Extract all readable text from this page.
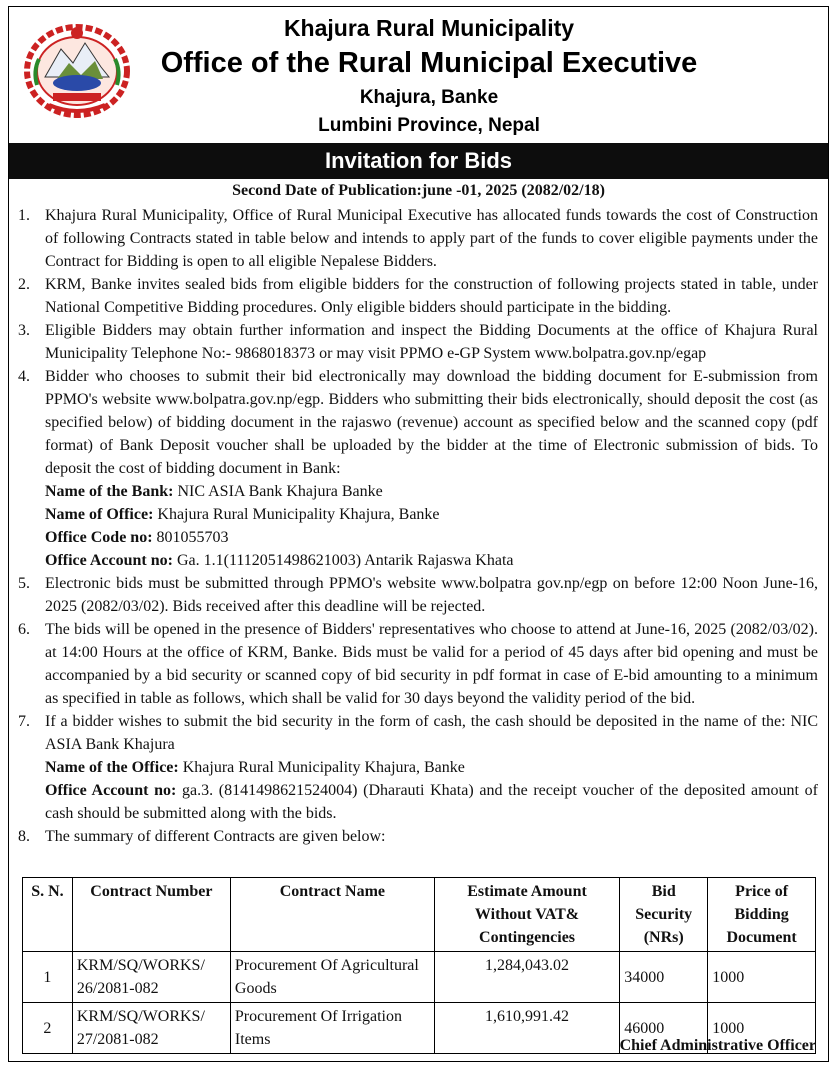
Khajura Rural Municipality
Office of the Rural Municipal Executive
Khajura, Banke
Lumbini Province, Nepal
Invitation for Bids
Second Date of Publication:june -01, 2025 (2082/02/18)
1. Khajura Rural Municipality, Office of Rural Municipal Executive has allocated funds towards the cost of Construction of following Contracts stated in table below and intends to apply part of the funds to cover eligible payments under the Contract for Bidding is open to all eligible Nepalese Bidders.

2. KRM, Banke invites sealed bids from eligible bidders for the construction of following projects stated in table, under National Competitive Bidding procedures. Only eligible bidders should participate in the bidding.

3. Eligible Bidders may obtain further information and inspect the Bidding Documents at the office of Khajura Rural Municipality Telephone No:- 9868018373 or may visit PPMO e-GP System www.bolpatra.gov.np/egap

4. Bidder who chooses to submit their bid electronically may download the bidding document for E-submission from PPMO's website www.bolpatra.gov.np/egp. Bidders who submitting their bids electronically, should deposit the cost (as specified below) of bidding document in the rajaswo (revenue) account as specified below and the scanned copy (pdf format) of Bank Deposit voucher shall be uploaded by the bidder at the time of Electronic submission of bids. To deposit the cost of bidding document in Bank:

Name of the Bank: NIC ASIA Bank Khajura Banke

Name of Office: Khajura Rural Municipality Khajura, Banke

Office Code no: 801055703

Office Account no: Ga. 1.1(1112051498621003) Antarik Rajaswa Khata

5. Electronic bids must be submitted through PPMO's website www.bolpatra gov.np/egp on before 12:00 Noon June-16, 2025 (2082/03/02). Bids received after this deadline will be rejected.

6. The bids will be opened in the presence of Bidders' representatives who choose to attend at June-16, 2025 (2082/03/02). at 14:00 Hours at the office of KRM, Banke. Bids must be valid for a period of 45 days after bid opening and must be accompanied by a bid security or scanned copy of bid security in pdf format in case of E-bid amounting to a minimum as specified in table as follows, which shall be valid for 30 days beyond the validity period of the bid.

7. If a bidder wishes to submit the bid security in the form of cash, the cash should be deposited in the name of the: NIC ASIA Bank Khajura

Name of the Office: Khajura Rural Municipality Khajura, Banke

Office Account no: ga.3. (8141498621524004) (Dharauti Khata) and the receipt voucher of the deposited amount of cash should be submitted along with the bids.

8. The summary of different Contracts are given below:

S. N.	Contract Number	Contract Name	Estimate Amount Without VAT& Contingencies	Bid Security (NRs)	Price of Bidding Document
1	KRM/SQ/WORKS/ 26/2081-082	Procurement Of Agricultural Goods	1,284,043.02	34000	1000
2	KRM/SQ/WORKS/ 27/2081-082	Procurement Of Irrigation Items	1,610,991.42	46000	1000
Chief Administrative Officer
